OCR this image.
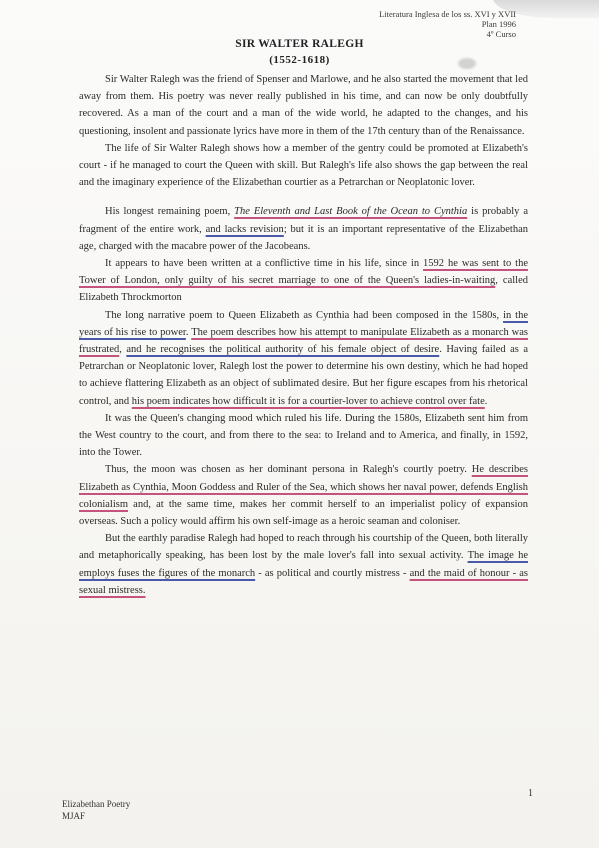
Literatura Inglesa de los ss. XVI y XVII
Plan 1996
4º Curso
SIR WALTER RALEGH
(1552-1618)

Sir Walter Ralegh was the friend of Spenser and Marlowe, and he also started the movement that led away from them. His poetry was never really published in his time, and can now be only doubtfully recovered. As a man of the court and a man of the wide world, he adapted to the changes, and his questioning, insolent and passionate lyrics have more in them of the 17th century than of the Renaissance.

The life of Sir Walter Ralegh shows how a member of the gentry could be promoted at Elizabeth's court - if he managed to court the Queen with skill. But Ralegh's life also shows the gap between the real and the imaginary experience of the Elizabethan courtier as a Petrarchan or Neoplatonic lover.

His longest remaining poem, The Eleventh and Last Book of the Ocean to Cynthia is probably a fragment of the entire work, and lacks revision; but it is an important representative of the Elizabethan age, charged with the macabre power of the Jacobeans.

It appears to have been written at a conflictive time in his life, since in 1592 he was sent to the Tower of London, only guilty of his secret marriage to one of the Queen's ladies-in-waiting, called Elizabeth Throckmorton

The long narrative poem to Queen Elizabeth as Cynthia had been composed in the 1580s, in the years of his rise to power. The poem describes how his attempt to manipulate Elizabeth as a monarch was frustrated, and he recognises the political authority of his female object of desire. Having failed as a Petrarchan or Neoplatonic lover, Ralegh lost the power to determine his own destiny, which he had hoped to achieve flattering Elizabeth as an object of sublimated desire. But her figure escapes from his rhetorical control, and his poem indicates how difficult it is for a courtier-lover to achieve control over fate.

It was the Queen's changing mood which ruled his life. During the 1580s, Elizabeth sent him from the West country to the court, and from there to the sea: to Ireland and to America, and finally, in 1592, into the Tower.

Thus, the moon was chosen as her dominant persona in Ralegh's courtly poetry. He describes Elizabeth as Cynthia, Moon Goddess and Ruler of the Sea, which shows her naval power, defends English colonialism and, at the same time, makes her commit herself to an imperialist policy of expansion overseas. Such a policy would affirm his own self-image as a heroic seaman and coloniser.

But the earthly paradise Ralegh had hoped to reach through his courtship of the Queen, both literally and metaphorically speaking, has been lost by the male lover's fall into sexual activity. The image he employs fuses the figures of the monarch - as political and courtly mistress - and the maid of honour - as sexual mistress.

1
Elizabethan Poetry
MJAF
